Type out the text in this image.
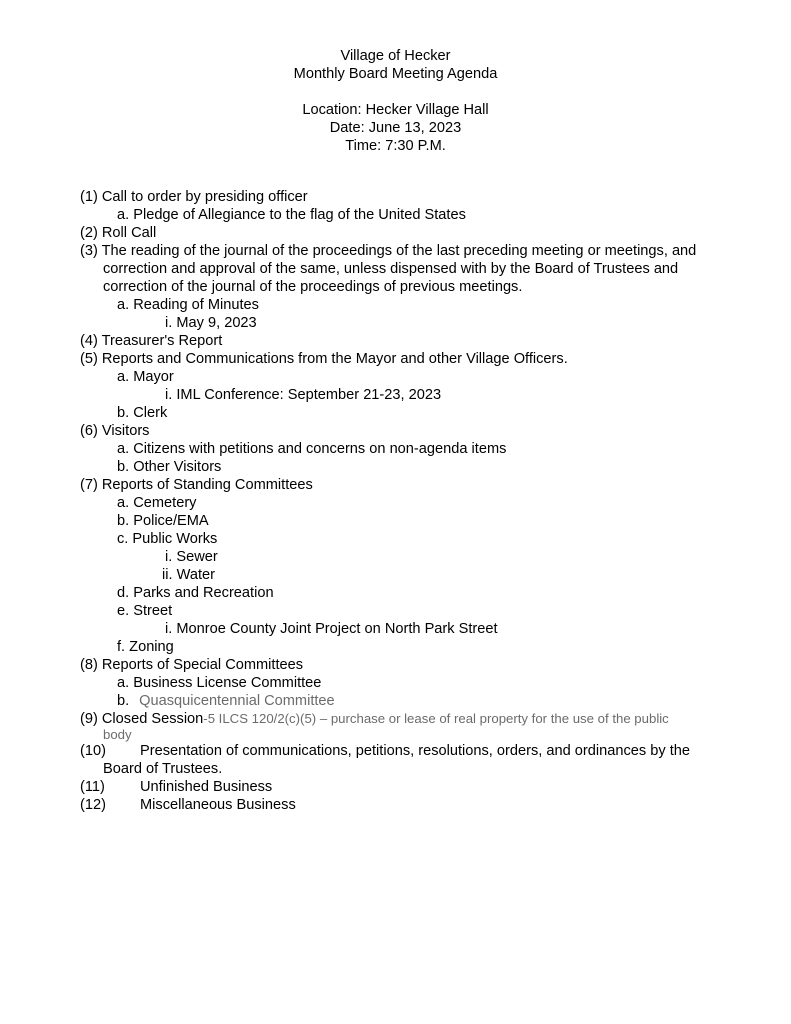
Village of Hecker
Monthly Board Meeting Agenda
Location: Hecker Village Hall
Date: June 13, 2023
Time: 7:30 P.M.
(1) Call to order by presiding officer
a. Pledge of Allegiance to the flag of the United States
(2) Roll Call
(3) The reading of the journal of the proceedings of the last preceding meeting or meetings, and
correction and approval of the same, unless dispensed with by the Board of Trustees and
correction of the journal of the proceedings of previous meetings.
a. Reading of Minutes
i. May 9, 2023
(4) Treasurer's Report
(5) Reports and Communications from the Mayor and other Village Officers.
a. Mayor
i. IML Conference: September 21-23, 2023
b. Clerk
(6) Visitors
a. Citizens with petitions and concerns on non-agenda items
b. Other Visitors
(7) Reports of Standing Committees
a. Cemetery
b. Police/EMA
c. Public Works
i. Sewer
ii. Water
d. Parks and Recreation
e. Street
i. Monroe County Joint Project on North Park Street
f. Zoning
(8) Reports of Special Committees
a. Business License Committee
b. Quasquicentennial Committee
(9) Closed Session-5 ILCS 120/2(c)(5) – purchase or lease of real property for the use of the public
body
(10) Presentation of communications, petitions, resolutions, orders, and ordinances by the
Board of Trustees.
(11) Unfinished Business
(12) Miscellaneous Business
